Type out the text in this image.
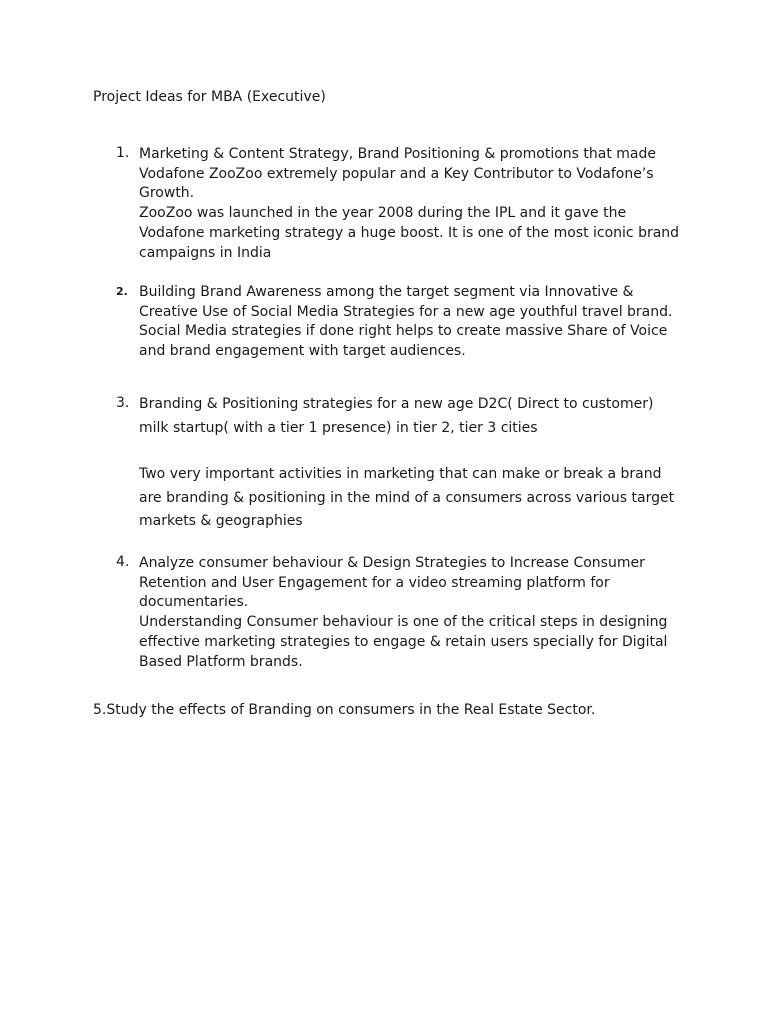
Project Ideas for MBA (Executive)
1. Marketing & Content Strategy, Brand Positioning & promotions that made Vodafone ZooZoo extremely popular and a Key Contributor to Vodafone’s Growth.

ZooZoo was launched in the year 2008 during the IPL and it gave the Vodafone marketing strategy a huge boost. It is one of the most iconic brand campaigns in India

2. Building Brand Awareness among the target segment via Innovative & Creative Use of Social Media Strategies for a new age youthful travel brand.

Social Media strategies if done right helps to create massive Share of Voice and brand engagement with target audiences.

3. Branding & Positioning strategies for a new age D2C( Direct to customer) milk startup( with a tier 1 presence) in tier 2, tier 3 cities

Two very important activities in marketing that can make or break a brand are branding & positioning in the mind of a consumers across various target markets & geographies

4. Analyze consumer behaviour & Design Strategies to Increase Consumer Retention and User Engagement for a video streaming platform for documentaries.

Understanding Consumer behaviour is one of the critical steps in designing effective marketing strategies to engage & retain users specially for Digital Based Platform brands.

5.Study the effects of Branding on consumers in the Real Estate Sector.
